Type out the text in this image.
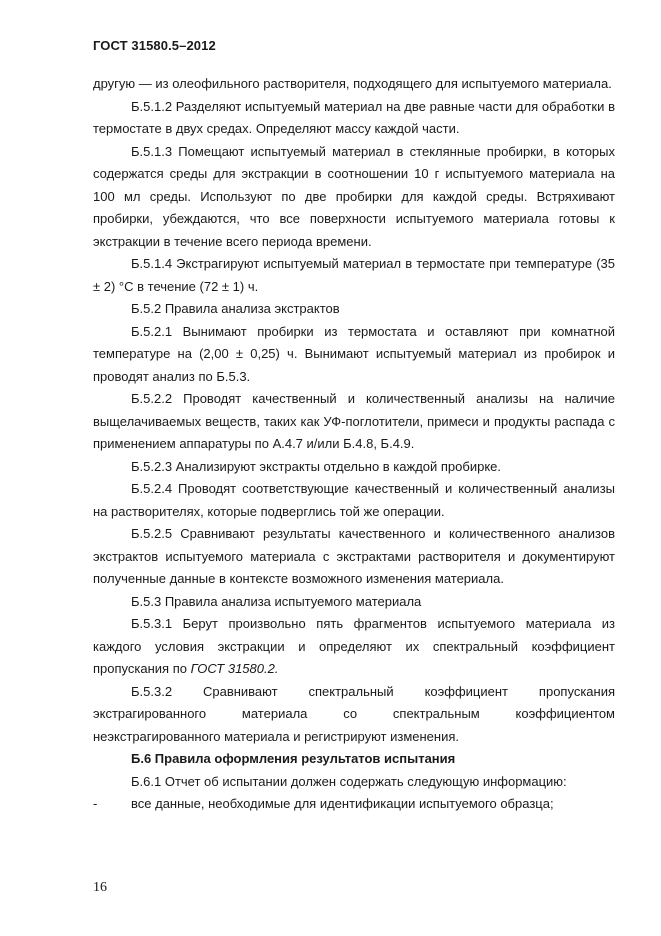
ГОСТ 31580.5–2012

другую — из олеофильного растворителя, подходящего для испытуемого материала.

Б.5.1.2 Разделяют испытуемый материал на две равные части для обработки в термостате в двух средах. Определяют массу каждой части.

Б.5.1.3 Помещают испытуемый материал в стеклянные пробирки, в которых содержатся среды для экстракции в соотношении 10 г испытуемого материала на 100 мл среды. Используют по две пробирки для каждой среды. Встряхивают пробирки, убеждаются, что все поверхности испытуемого материала готовы к экстракции в течение всего периода времени.

Б.5.1.4 Экстрагируют испытуемый материал в термостате при температуре (35 ± 2) °С в течение (72 ± 1) ч.

Б.5.2 Правила анализа экстрактов

Б.5.2.1 Вынимают пробирки из термостата и оставляют при комнатной температуре на (2,00 ± 0,25) ч. Вынимают испытуемый материал из пробирок и проводят анализ по Б.5.3.

Б.5.2.2 Проводят качественный и количественный анализы на наличие выщелачиваемых веществ, таких как УФ-поглотители, примеси и продукты распада с применением аппаратуры по А.4.7 и/или Б.4.8, Б.4.9.

Б.5.2.3 Анализируют экстракты отдельно в каждой пробирке.

Б.5.2.4 Проводят соответствующие качественный и количественный анализы на растворителях, которые подверглись той же операции.

Б.5.2.5 Сравнивают результаты качественного и количественного анализов экстрактов испытуемого материала с экстрактами растворителя и документируют полученные данные в контексте возможного изменения материала.

Б.5.3 Правила анализа испытуемого материала

Б.5.3.1 Берут произвольно пять фрагментов испытуемого материала из каждого условия экстракции и определяют их спектральный коэффициент пропускания по ГОСТ 31580.2.

Б.5.3.2 Сравнивают спектральный коэффициент пропускания экстрагированного материала со спектральным коэффициентом неэкстрагированного материала и регистрируют изменения.

Б.6 Правила оформления результатов испытания

Б.6.1 Отчет об испытании должен содержать следующую информацию:

-	все данные, необходимые для идентификации испытуемого образца;

16
